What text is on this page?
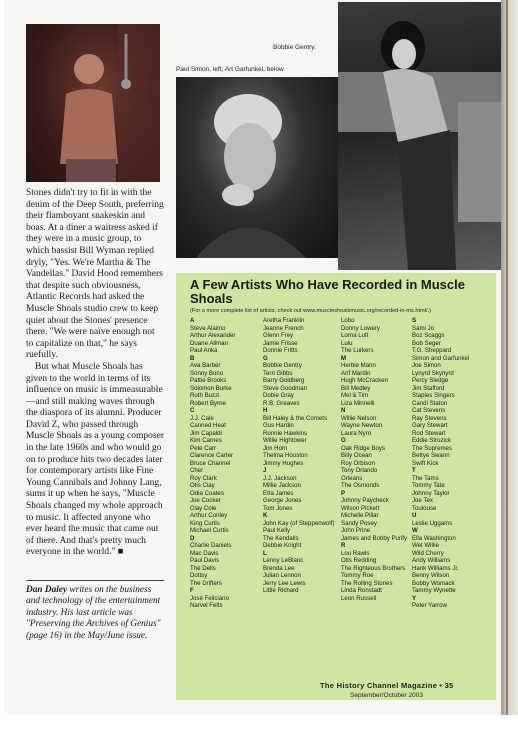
Bobbie Gentry.
Paul Simon, left; Art Garfunkel, below

Stones didn't try to fit in with the denim of the Deep South, preferring their flamboyant snakeskin and boas. At a diner a waitress asked if they were in a music group, to which bassist Bill Wyman replied dryly, "Yes. We're Martha & The Vandellas." David Hood remembers that despite such obviousness, Atlantic Records had asked the Muscle Shoals studio crew to keep quiet about the Stones' presence there. "We were naïve enough not to capitalize on that," he says ruefully.

But what Muscle Shoals has given to the world in terms of its influence on music is immeasurable—and still making waves through the diaspora of its alumni. Producer David Z, who passed through Muscle Shoals as a young composer in the late 1960s and who would go on to produce hits two decades later for contemporary artists like Fine Young Cannibals and Johnny Lang, sums it up when he says, "Muscle Shoals changed my whole approach to music. It affected anyone who ever heard the music that came out of there. And that's pretty much everyone in the world." ■

Dan Daley writes on the business and technology of the entertainment industry. His last article was "Preserving the Archives of Genius" (page 16) in the May/June issue.
A Few Artists Who Have Recorded in Muscle Shoals
(For a more complete list of artists, check out www.muscleshoalsmusic.org/recorded-in-ms.html/.)
A
Steve Alaimo
Arthur Alexander
Duane Allman
Paul Anka
B
Ava Barber
Sonny Bono
Pattie Brooks
Solomon Burke
Ruth Buzzi
Robert Byrne
C
J.J. Cale
Canned Heat
Jim Capaldi
Kim Carnes
Pete Carr
Clarence Carter
Bruce Channel
Cher
Roy Clark
Otis Clay
Odia Coates
Joe Cocker
Clay Cole
Arthur Conley
King Curtis
Michael Curtis
D
Charlie Daniels
Mac Davis
Paul Davis
The Dells
Dottsy
The Drifters
F
José Feliciano
Narvel Felts
Aretha Franklin
Jeanne French
Glenn Frey
Jamie Frisse
Donnie Fritts
G
Bobbie Gentry
Terri Gibbs
Barry Goldberg
Steve Goodman
Dobie Gray
R.B. Greaves
H
Bill Haley & the Comets
Gus Hardin
Ronnie Hawkins
Willie Hightower
Jim Horn
Thelma Houston
Jimmy Hughes
J
J.J. Jackson
Millie Jackson
Etta James
George Jones
Tom Jones
K
John Kay (of Steppenwolf)
Paul Kelly
The Kendalls
Debbie Knight
L
Lenny LeBlanc
Brenda Lee
Julian Lennon
Jerry Lee Lewis
Little Richard
Lobo
Donny Lowery
Lorna Luft
Lulu
The Lurkers
M
Herbie Mann
Arif Mardin
Hugh McCracken
Bill Medley
Mel & Tim
Liza Minnelli
N
Willie Nelson
Wayne Newton
Laura Nyro
O
Oak Ridge Boys
Billy Ocean
Roy Orbison
Tony Orlando
Orleans
The Osmonds
P
Johnny Paycheck
Wilson Pickett
Michelle Pillar
Sandy Posey
John Prine
James and Bobby Purify
R
Lou Rawls
Otis Redding
The Righteous Brothers
Tommy Roe
The Rolling Stones
Linda Ronstadt
Leon Russell
S
Sami Jo
Boz Scaggs
Bob Seger
T.G. Sheppard
Simon and Garfunkel
Joe Simon
Lynyrd Skynyrd
Percy Sledge
Jim Stafford
Staples Singers
Candi Staton
Cat Stevens
Ray Stevens
Gary Stewart
Rod Stewart
Eddie Struzick
The Supremes
Bettye Swann
Swift Kick
T
The Tams
Tommy Tate
Johnny Taylor
Joe Tex
Toulouse
U
Leslie Uggams
W
Ella Washington
Wet Willie
Wild Cherry
Andy Williams
Hank Williams Jr.
Benny Wilson
Bobby Womack
Tammy Wynette
Y
Peter Yarrow
The History Channel Magazine • 35
September/October 2003
